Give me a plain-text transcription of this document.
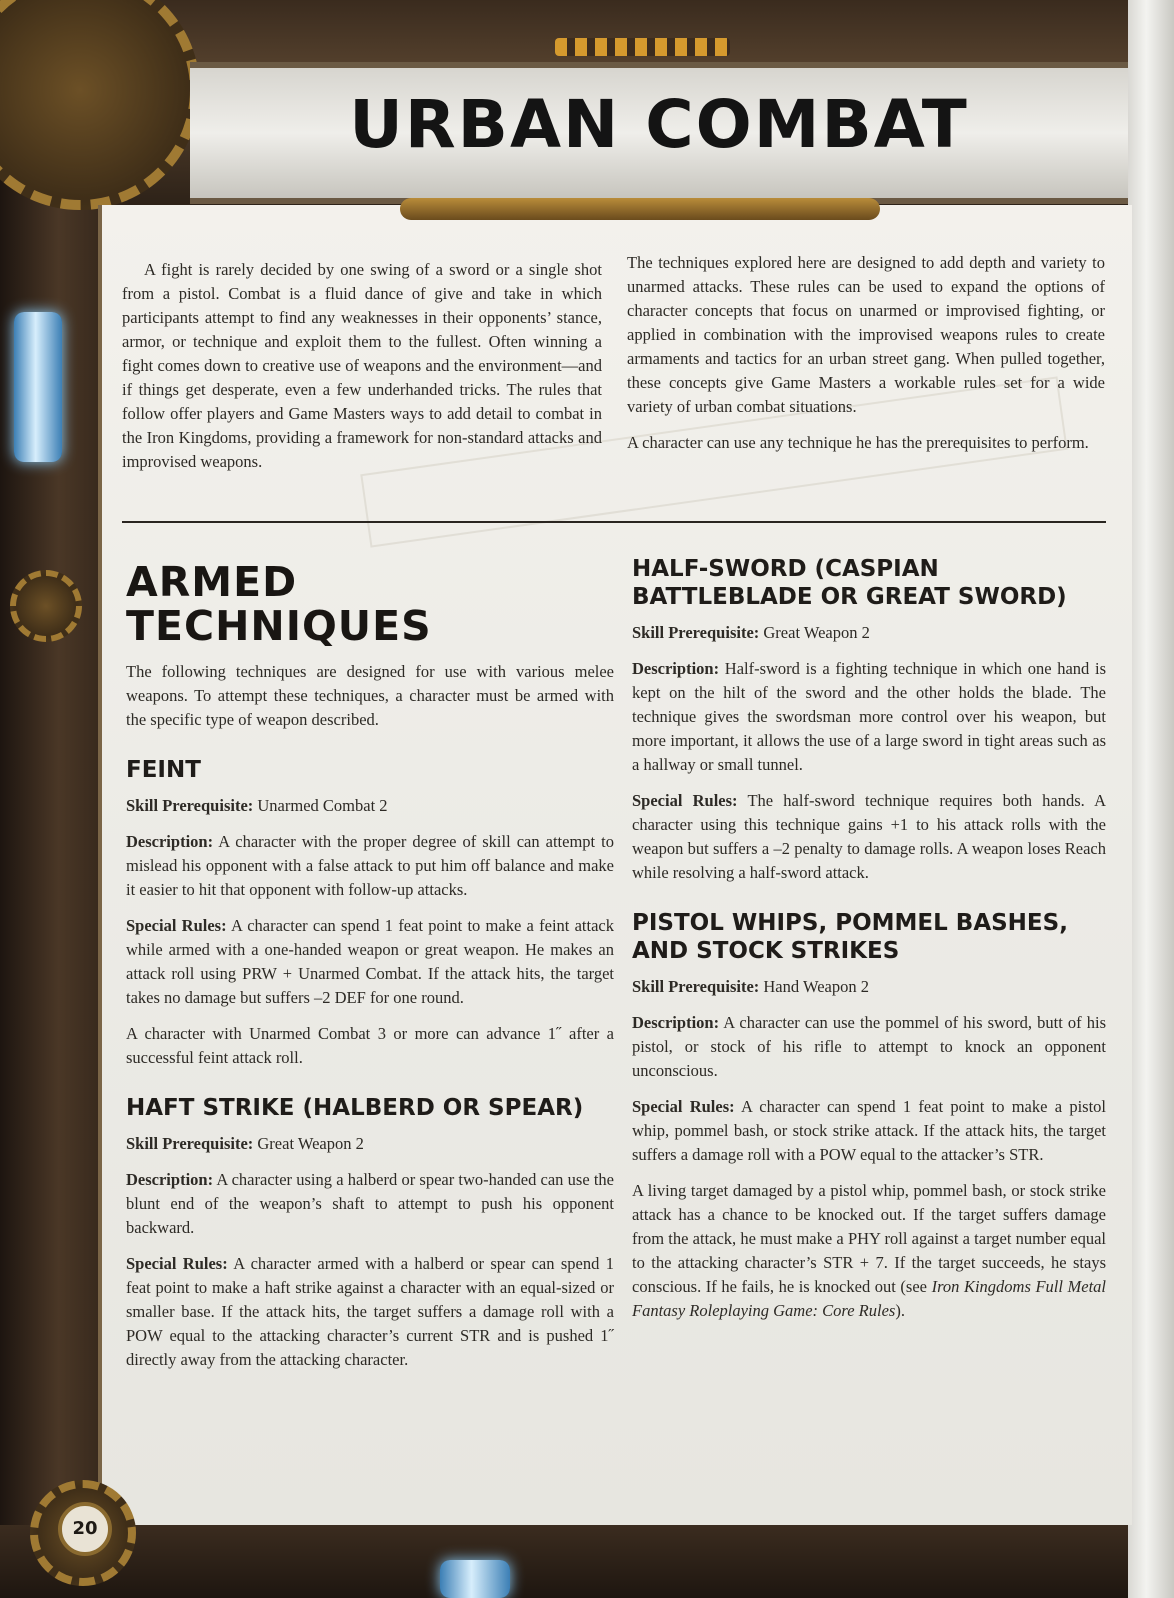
URBAN COMBAT

A fight is rarely decided by one swing of a sword or a single shot from a pistol. Combat is a fluid dance of give and take in which participants attempt to find any weaknesses in their opponents’ stance, armor, or technique and exploit them to the fullest. Often winning a fight comes down to creative use of weapons and the environment—and if things get desperate, even a few underhanded tricks. The rules that follow offer players and Game Masters ways to add detail to combat in the Iron Kingdoms, providing a framework for non-standard attacks and improvised weapons.

The techniques explored here are designed to add depth and variety to unarmed attacks. These rules can be used to expand the options of character concepts that focus on unarmed or improvised fighting, or applied in combination with the improvised weapons rules to create armaments and tactics for an urban street gang. When pulled together, these concepts give Game Masters a workable rules set for a wide variety of urban combat situations.

A character can use any technique he has the prerequisites to perform.

ARMED TECHNIQUES

The following techniques are designed for use with various melee weapons. To attempt these techniques, a character must be armed with the specific type of weapon described.

FEINT

Skill Prerequisite: Unarmed Combat 2

Description: A character with the proper degree of skill can attempt to mislead his opponent with a false attack to put him off balance and make it easier to hit that opponent with follow-up attacks.

Special Rules: A character can spend 1 feat point to make a feint attack while armed with a one-handed weapon or great weapon. He makes an attack roll using PRW + Unarmed Combat. If the attack hits, the target takes no damage but suffers –2 DEF for one round.

A character with Unarmed Combat 3 or more can advance 1˝ after a successful feint attack roll.

HAFT STRIKE (HALBERD OR SPEAR)

Skill Prerequisite: Great Weapon 2

Description: A character using a halberd or spear two-handed can use the blunt end of the weapon’s shaft to attempt to push his opponent backward.

Special Rules: A character armed with a halberd or spear can spend 1 feat point to make a haft strike against a character with an equal-sized or smaller base. If the attack hits, the target suffers a damage roll with a POW equal to the attacking character’s current STR and is pushed 1˝ directly away from the attacking character.

HALF-SWORD (CASPIAN BATTLEBLADE OR GREAT SWORD)

Skill Prerequisite: Great Weapon 2

Description: Half-sword is a fighting technique in which one hand is kept on the hilt of the sword and the other holds the blade. The technique gives the swordsman more control over his weapon, but more important, it allows the use of a large sword in tight areas such as a hallway or small tunnel.

Special Rules: The half-sword technique requires both hands. A character using this technique gains +1 to his attack rolls with the weapon but suffers a –2 penalty to damage rolls. A weapon loses Reach while resolving a half-sword attack.

PISTOL WHIPS, POMMEL BASHES, AND STOCK STRIKES

Skill Prerequisite: Hand Weapon 2

Description: A character can use the pommel of his sword, butt of his pistol, or stock of his rifle to attempt to knock an opponent unconscious.

Special Rules: A character can spend 1 feat point to make a pistol whip, pommel bash, or stock strike attack. If the attack hits, the target suffers a damage roll with a POW equal to the attacker’s STR.

A living target damaged by a pistol whip, pommel bash, or stock strike attack has a chance to be knocked out. If the target suffers damage from the attack, he must make a PHY roll against a target number equal to the attacking character’s STR + 7. If the target succeeds, he stays conscious. If he fails, he is knocked out (see Iron Kingdoms Full Metal Fantasy Roleplaying Game: Core Rules).

20
